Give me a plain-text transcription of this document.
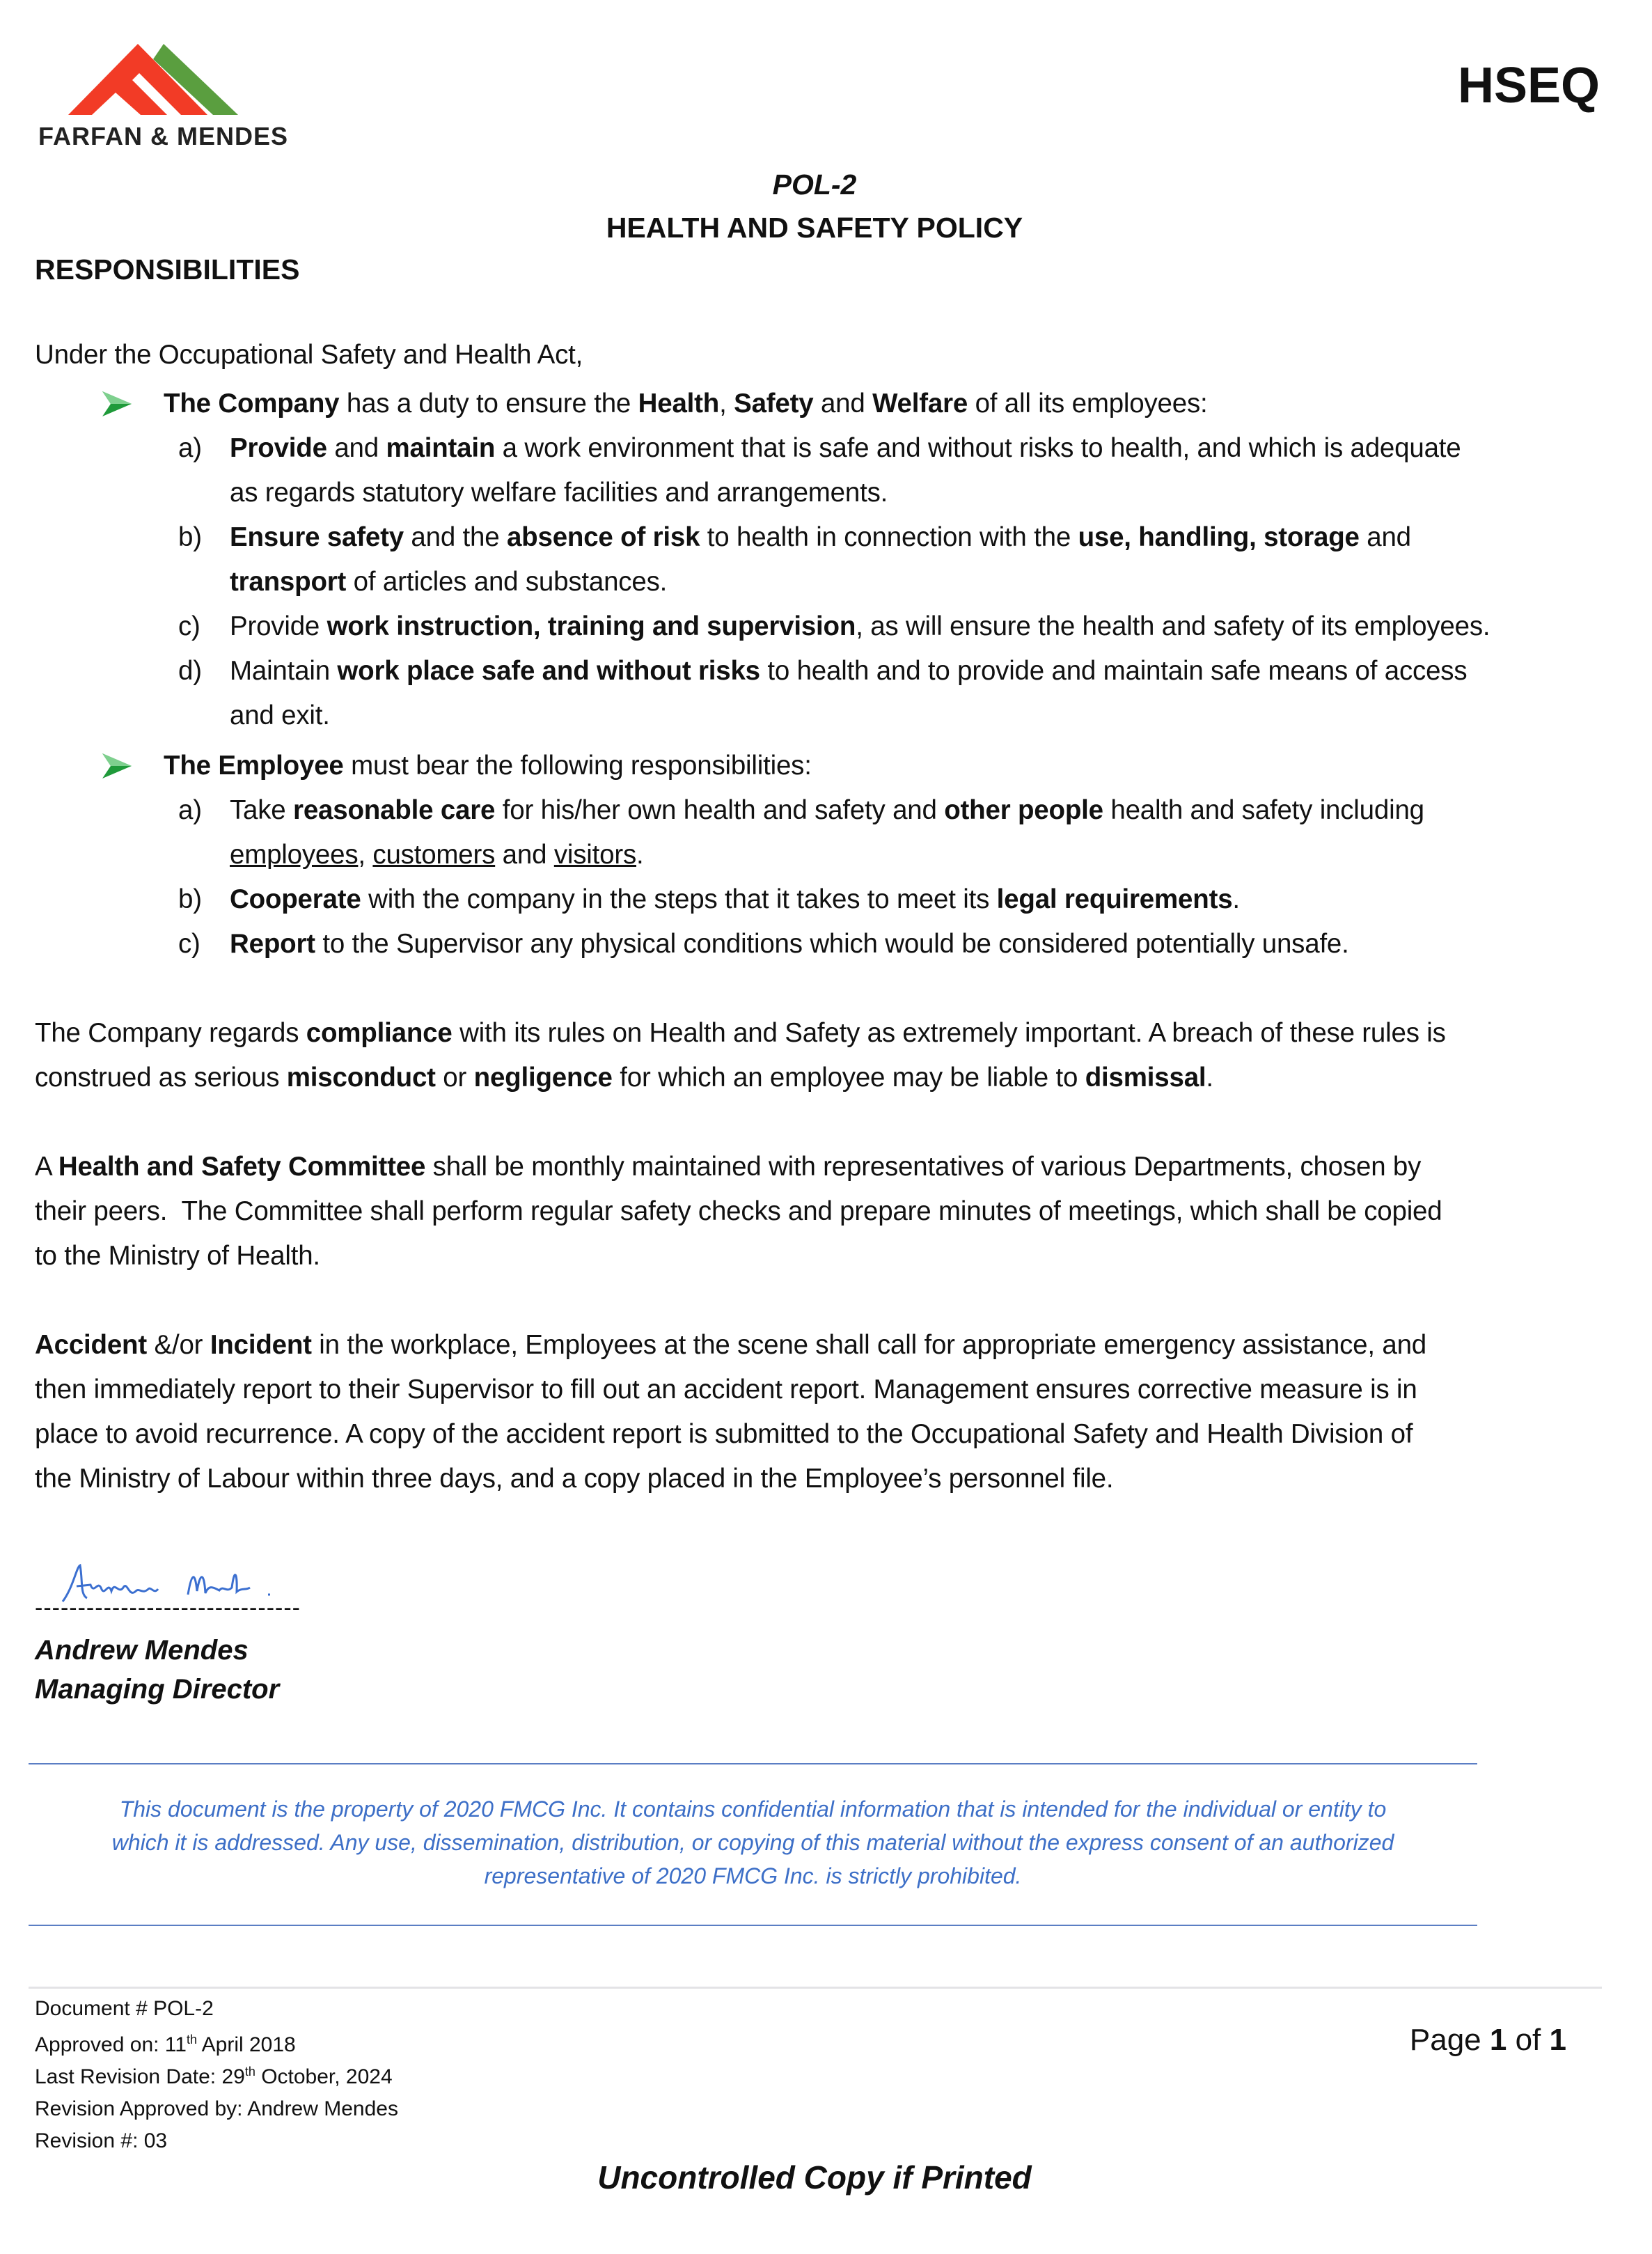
FARFAN & MENDES
HSEQ
POL-2
HEALTH AND SAFETY POLICY
RESPONSIBILITIES
Under the Occupational Safety and Health Act,
The Company has a duty to ensure the Health, Safety and Welfare of all its employees:
a) Provide and maintain a work environment that is safe and without risks to health, and which is adequate
as regards statutory welfare facilities and arrangements.
b) Ensure safety and the absence of risk to health in connection with the use, handling, storage and
transport of articles and substances.
c) Provide work instruction, training and supervision, as will ensure the health and safety of its employees.
d) Maintain work place safe and without risks to health and to provide and maintain safe means of access
and exit.
The Employee must bear the following responsibilities:
a) Take reasonable care for his/her own health and safety and other people health and safety including
employees, customers and visitors.
b) Cooperate with the company in the steps that it takes to meet its legal requirements.
c) Report to the Supervisor any physical conditions which would be considered potentially unsafe.
The Company regards compliance with its rules on Health and Safety as extremely important. A breach of these rules is
construed as serious misconduct or negligence for which an employee may be liable to dismissal.
A Health and Safety Committee shall be monthly maintained with representatives of various Departments, chosen by
their peers.  The Committee shall perform regular safety checks and prepare minutes of meetings, which shall be copied
to the Ministry of Health.
Accident &/or Incident in the workplace, Employees at the scene shall call for appropriate emergency assistance, and
then immediately report to their Supervisor to fill out an accident report. Management ensures corrective measure is in
place to avoid recurrence. A copy of the accident report is submitted to the Occupational Safety and Health Division of
the Ministry of Labour within three days, and a copy placed in the Employee’s personnel file.
-------------------------------
Andrew Mendes
Managing Director
This document is the property of 2020 FMCG Inc. It contains confidential information that is intended for the individual or entity to
which it is addressed. Any use, dissemination, distribution, or copying of this material without the express consent of an authorized
representative of 2020 FMCG Inc. is strictly prohibited.
Document # POL-2
Approved on: 11th April 2018
Last Revision Date: 29th October, 2024
Revision Approved by: Andrew Mendes
Revision #: 03
Page 1 of 1
Uncontrolled Copy if Printed
